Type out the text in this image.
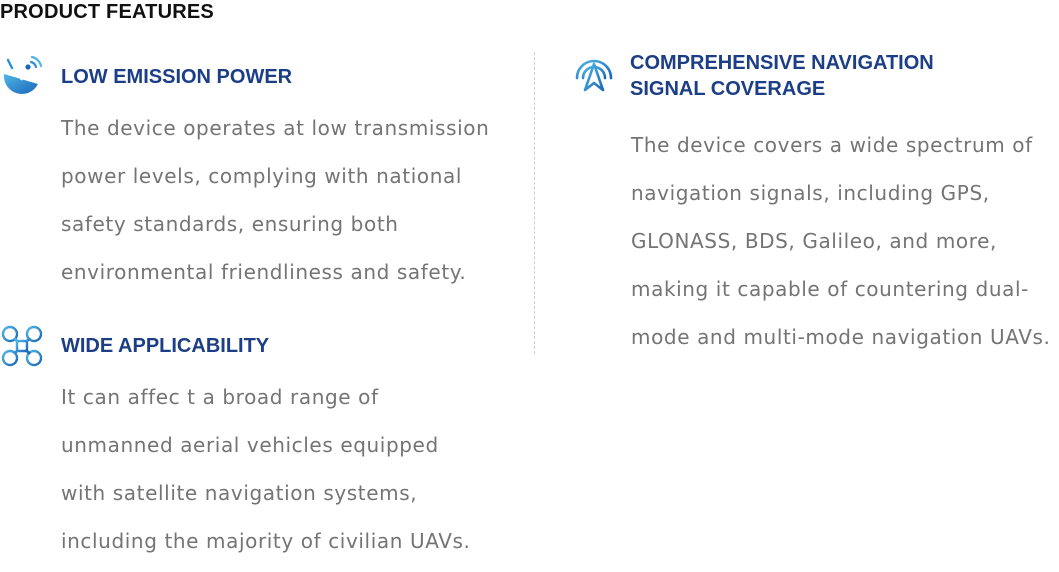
PRODUCT FEATURES
LOW EMISSION POWER
The device operates at low transmission
power levels, complying with national
safety standards, ensuring both
environmental friendliness and safety.
WIDE APPLICABILITY
It can affec t a broad range of
unmanned aerial vehicles equipped
with satellite navigation systems,
including the majority of civilian UAVs.
COMPREHENSIVE NAVIGATION
SIGNAL COVERAGE
The device covers a wide spectrum of
navigation signals, including GPS,
GLONASS, BDS, Galileo, and more,
making it capable of countering dual-
mode and multi-mode navigation UAVs.
